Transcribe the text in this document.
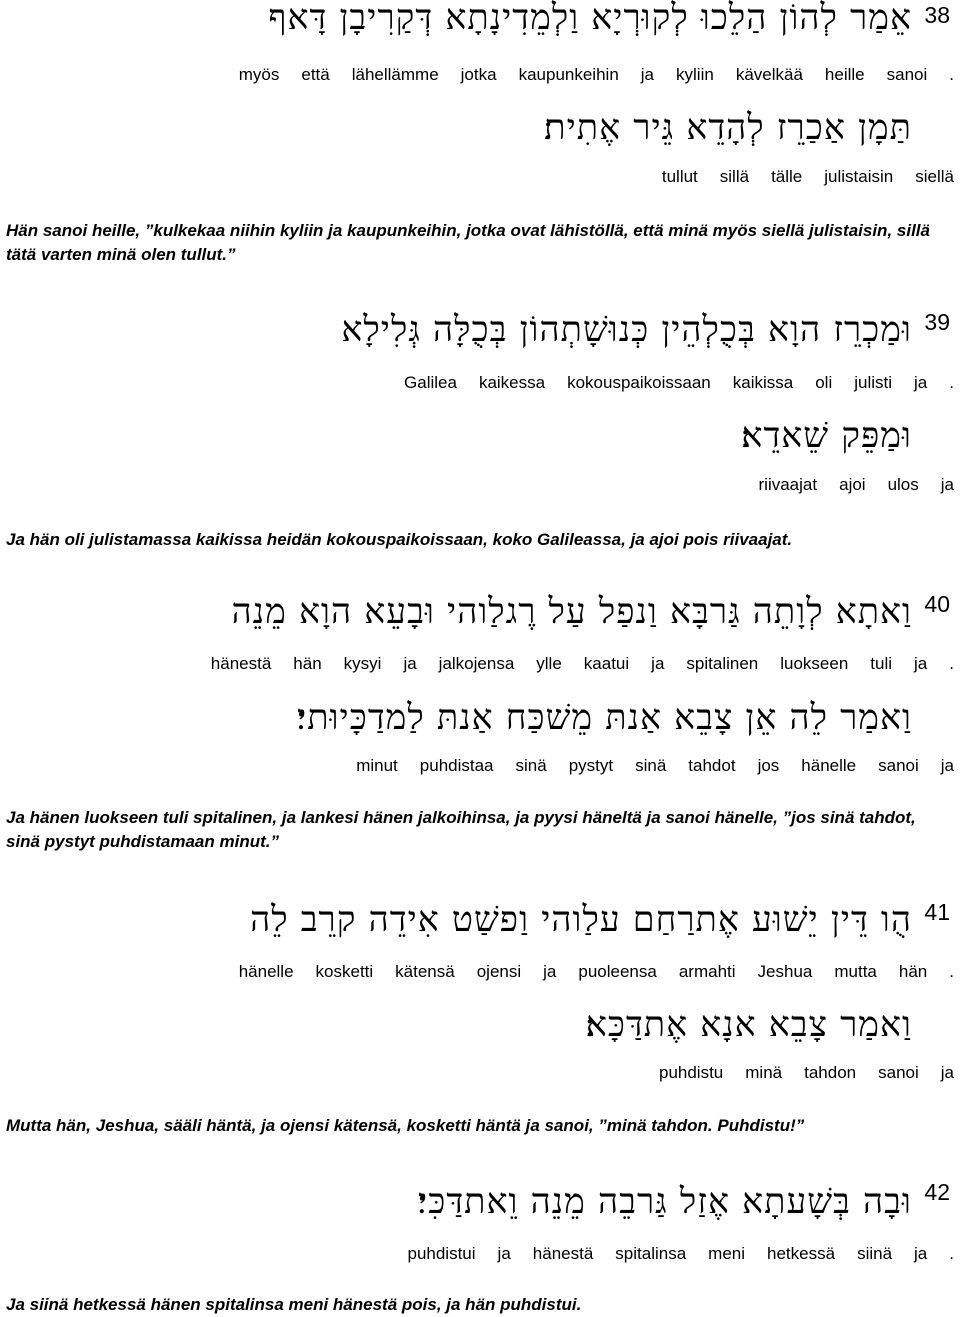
38
אֵמַר לְהוֹן הַלֵכוּ לְקוּרְיָא וַלְמֵדִינָתָא דְּקַרִיבָן דָּאף
.sanoiheillekävelkääkyliinjakaupunkeihinjotkalähellämmeettämyös
תַּמָן אַכַרֵז לְהָדֵא גֵּיר אֶתִית׃
sielläjulistaisintällesillätullut
Hän sanoi heille, ”kulkekaa niihin kyliin ja kaupunkeihin, jotka ovat lähistöllä, että minä myös siellä julistaisin, sillä tätä varten minä olen tullut.”
39
וּמַכְרֵז הוָא בְּכֻלְהֵין כְּנוּשָׁתְהוֹן בְּכֻלָּה גְּלִילָא
.jajulistiolikaikissakokouspaikoissaankaikessaGalilea
וּמַפֵּק שֵׁאדֵא׃
jaulosajoiriivaajat
Ja hän oli julistamassa kaikissa heidän kokouspaikoissaan, koko Galileassa, ja ajoi pois riivaajat.
40
וַאתָא לְוָתֵה גַּרבָּא וַנפַל עַל רֶגלַוהי וּבָעֵא הוָא מֵנֵה
.jatuliluokseenspitalinenjakaatuiyllejalkojensajakysyihänhänestä
וַאמַר לֵה אֵן צָבֵא אַנתּ מֵשׁכַּח אַנתּ לַמדַכָּיוּתי׃
jasanoihänellejostahdotsinäpystytsinäpuhdistaaminut
Ja hänen luokseen tuli spitalinen, ja lankesi hänen jalkoihinsa, ja pyysi häneltä ja sanoi hänelle, ”jos sinä tahdot, sinä pystyt puhdistamaan minut.”
41
הֻו דֵּין יֵשׁוּע אֶתרַחַם עלַוהי וַפשַׁט אִידֵה קרֵב לֵה
.hänmuttaJeshuaarmahtipuoleensajaojensikätensäkoskettihänelle
וַאמַר צָבֵא אנָא אֶתדַּכָּא׃
jasanoitahdonminäpuhdistu
Mutta hän, Jeshua, sääli häntä, ja ojensi kätensä, kosketti häntä ja sanoi, ”minä tahdon. Puhdistu!”
42
וּבָה בְּשָׁעתָא אֶזַל גַּרבֵה מֵנֵה וֵאתדַּכִּי׃
.jasiinähetkessämenispitalinsahänestäjapuhdistui
Ja siinä hetkessä hänen spitalinsa meni hänestä pois, ja hän puhdistui.
